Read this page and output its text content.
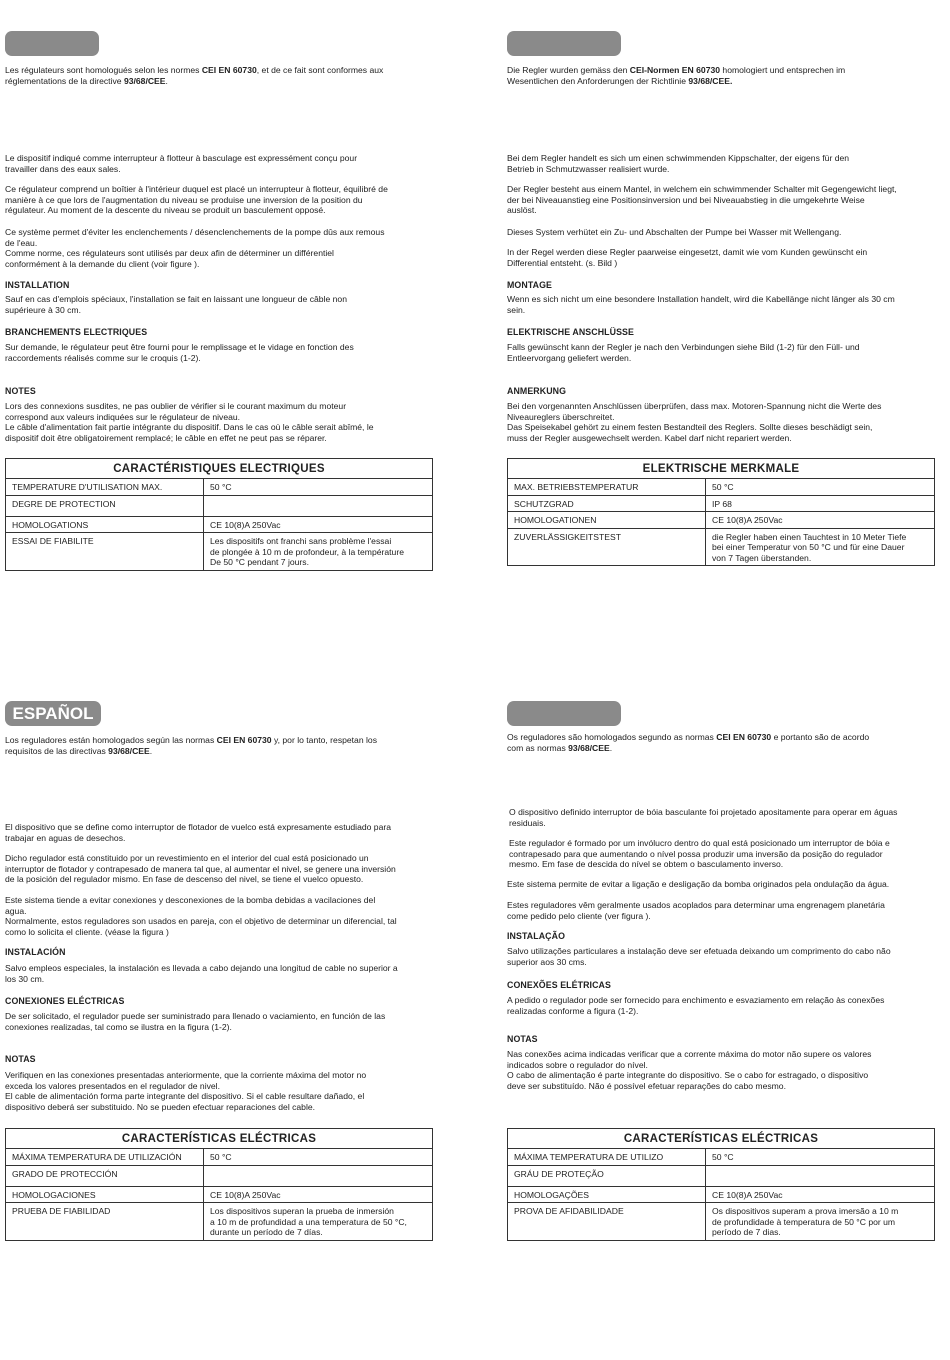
Les régulateurs sont homologués selon les normes CEI EN 60730, et de ce fait sont conformes aux
réglementations de la directive 93/68/CEE.

Le dispositif indiqué comme interrupteur à flotteur à basculage est expressément conçu pour
travailler dans des eaux sales.

Ce régulateur comprend un boîtier à l'intérieur duquel est placé un interrupteur à flotteur, équilibré de
manière à ce que lors de l'augmentation du niveau se produise une inversion de la position du
régulateur. Au moment de la descente du niveau se produit un basculement opposé.

Ce système permet d'éviter les enclenchements / désenclenchements de la pompe dûs aux remous
de l'eau.
Comme norme, ces régulateurs sont utilisés par deux afin de déterminer un différentiel
conformément à la demande du client (voir figure ).

INSTALLATION

Sauf en cas d'emplois spéciaux, l'installation se fait en laissant une longueur de câble non
supérieure à 30 cm.

BRANCHEMENTS ELECTRIQUES

Sur demande, le régulateur peut être fourni pour le remplissage et le vidage en fonction des
raccordements réalisés comme sur le croquis (1-2).

NOTES

Lors des connexions susdites, ne pas oublier de vérifier si le courant maximum du moteur
correspond aux valeurs indiquées sur le régulateur de niveau.
Le câble d'alimentation fait partie intégrante du dispositif. Dans le cas où le câble serait abîmé, le
dispositif doit être obligatoirement remplacé; le câble en effet ne peut pas se réparer.

CARACTÉRISTIQUES ELECTRIQUES	
TEMPERATURE D'UTILISATION MAX.	50 °C
DEGRE DE PROTECTION	
HOMOLOGATIONS	CE 10(8)A 250Vac
ESSAI DE FIABILITE	Les dispositifs ont franchi sans problème l'essai
de plongée à 10 m de profondeur, à la température
De 50 °C pendant 7 jours.

Die Regler wurden gemäss den CEI-Normen EN 60730 homologiert und entsprechen im
Wesentlichen den Anforderungen der Richtlinie 93/68/CEE.

Bei dem Regler handelt es sich um einen schwimmenden Kippschalter, der eigens für den
Betrieb in Schmutzwasser realisiert wurde.

Der Regler besteht aus einem Mantel, in welchem ein schwimmender Schalter mit Gegengewicht liegt,
der bei Niveauanstieg eine Positionsinversion und bei Niveauabstieg in die umgekehrte Weise
auslöst.

Dieses System verhütet ein Zu- und Abschalten der Pumpe bei Wasser mit Wellengang.

In der Regel werden diese Regler paarweise eingesetzt, damit wie vom Kunden gewünscht ein
Differential entsteht. (s. Bild )

MONTAGE

Wenn es sich nicht um eine besondere Installation handelt, wird die Kabellänge nicht länger als 30 cm
sein.

ELEKTRISCHE ANSCHLÜSSE

Falls gewünscht kann der Regler je nach den Verbindungen siehe Bild (1-2) für den Füll- und
Entleervorgang geliefert werden.

ANMERKUNG

Bei den vorgenannten Anschlüssen überprüfen, dass max. Motoren-Spannung nicht die Werte des
Niveaureglers überschreitet.
Das Speisekabel gehört zu einem festen Bestandteil des Reglers. Sollte dieses beschädigt sein,
muss der Regler ausgewechselt werden. Kabel darf nicht repariert werden.

ELEKTRISCHE MERKMALE	
MAX. BETRIEBSTEMPERATUR	50 °C
SCHUTZGRAD	IP 68
HOMOLOGATIONEN	CE 10(8)A 250Vac
ZUVERLÄSSIGKEITSTEST	die Regler haben einen Tauchtest in 10 Meter Tiefe
bei einer Temperatur von 50 °C und für eine Dauer
von 7 Tagen überstanden.
ESPAÑOL

Los reguladores están homologados según las normas CEI EN 60730 y, por lo tanto, respetan los
requisitos de las directivas 93/68/CEE.

El dispositivo que se define como interruptor de flotador de vuelco está expresamente estudiado para
trabajar en aguas de desechos.

Dicho regulador está constituido por un revestimiento en el interior del cual está posicionado un
interruptor de flotador y contrapesado de manera tal que, al aumentar el nivel, se genere una inversión
de la posición del regulador mismo. En fase de descenso del nivel, se tiene el vuelco opuesto.

Este sistema tiende a evitar conexiones y desconexiones de la bomba debidas a vacilaciones del
agua.
Normalmente, estos reguladores son usados en pareja, con el objetivo de determinar un diferencial, tal
como lo solicita el cliente. (véase la figura )

INSTALACIÓN

Salvo empleos especiales, la instalación es llevada a cabo dejando una longitud de cable no superior a
los 30 cm.

CONEXIONES ELÉCTRICAS

De ser solicitado, el regulador puede ser suministrado para llenado o vaciamiento, en función de las
conexiones realizadas, tal como se ilustra en la figura (1-2).

NOTAS

Verifiquen en las conexiones presentadas anteriormente, que la corriente máxima del motor no
exceda los valores presentados en el regulador de nivel.
El cable de alimentación forma parte integrante del dispositivo. Si el cable resultare dañado, el
dispositivo deberá ser substituido. No se pueden efectuar reparaciones del cable.

CARACTERÍSTICAS ELÉCTRICAS	
MÁXIMA TEMPERATURA DE UTILIZACIÓN	50 °C
GRADO DE PROTECCIÓN	
HOMOLOGACIONES	CE 10(8)A 250Vac
PRUEBA DE FIABILIDAD	Los dispositivos superan la prueba de inmersión
a 10 m de profundidad a una temperatura de 50 °C,
durante un período de 7 días.

Os reguladores são homologados segundo as normas CEI EN 60730 e portanto são de acordo
com as normas 93/68/CEE.

O dispositivo definido interruptor de bóia basculante foi projetado apositamente para operar em águas
residuais.

Este regulador é formado por um invólucro dentro do qual está posicionado um interruptor de bóia e
contrapesado para que aumentando o nível possa produzir uma inversão da posição do regulador
mesmo. Em fase de descida do nível se obtem o basculamento inverso.

Este sistema permite de evitar a ligação e desligação da bomba originados pela ondulação da água.

Estes reguladores vêm geralmente usados acoplados para determinar uma engrenagem planetária
come pedido pelo cliente (ver figura ).

INSTALAÇÃO

Salvo utilizações particulares a instalação deve ser efetuada deixando um comprimento do cabo não
superior aos 30 cms.

CONEXÕES ELÉTRICAS

A pedido o regulador pode ser fornecido para enchimento e esvaziamento em relação às conexões
realizadas conforme a figura (1-2).

NOTAS

Nas conexões acima indicadas verificar que a corrente máxima do motor não supere os valores
indicados sobre o regulador do nível.
O cabo de alimentação é parte integrante do dispositivo. Se o cabo for estragado, o dispositivo
deve ser substituído. Não é possível efetuar reparações do cabo mesmo.

CARACTERÍSTICAS ELÉCTRICAS	
MÁXIMA TEMPERATURA DE UTILIZO	50 °C
GRÁU DE PROTEÇÃO	
HOMOLOGAÇÕES	CE 10(8)A 250Vac
PROVA DE AFIDABILIDADE	Os dispositivos superam a prova imersão a 10 m
de profundidade à temperatura de 50 °C por um
período de 7 dias.
